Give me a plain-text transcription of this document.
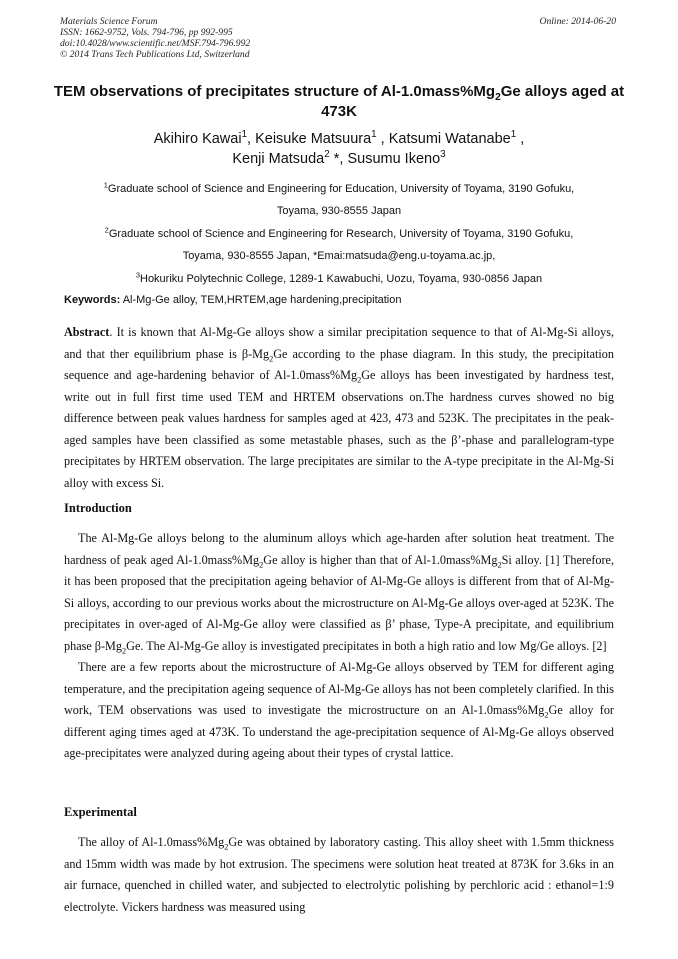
Materials Science Forum
ISSN: 1662-9752, Vols. 794-796, pp 992-995
doi:10.4028/www.scientific.net/MSF.794-796.992
© 2014 Trans Tech Publications Ltd, Switzerland
Online: 2014-06-20
TEM observations of precipitates structure of $Al-1.0mass\%Mg_2Ge$ alloys aged at 473K
Akihiro Kawai$^1$, Keisuke Matsuura$^1$ , Katsumi Watanabe$^1$ ,
Kenji Matsuda$^2$ *, Susumu Ikeno$^3$
$^1$Graduate school of Science and Engineering for Education, University of Toyama, 3190 Gofuku,
Toyama, 930-8555 Japan
$^2$Graduate school of Science and Engineering for Research, University of Toyama, 3190 Gofuku,
Toyama, 930-8555 Japan, *Emai:matsuda@eng.u-toyama.ac.jp,
$^3$Hokuriku Polytechnic College, 1289-1 Kawabuchi, Uozu, Toyama, 930-0856 Japan
Keywords: Al-Mg-Ge alloy, TEM,HRTEM,age hardening,precipitation

Abstract. It is known that Al-Mg-Ge alloys show a similar precipitation sequence to that of Al-Mg-Si alloys, and that ther equilibrium phase is $\beta-Mg_2Ge$ according to the phase diagram. In this study, the precipitation sequence and age-hardening behavior of $Al-1.0mass\%Mg_2Ge$ alloys has been investigated by hardness test, write out in full first time used TEM and HRTEM observations on.The hardness curves showed no big difference between peak values hardness for samples aged at 423, 473 and 523K. The precipitates in the peak-aged samples have been classified as some metastable phases, such as the β’-phase and parallelogram-type precipitates by HRTEM observation. The large precipitates are similar to the A-type precipitate in the Al-Mg-Si alloy with excess Si.

Introduction

The Al-Mg-Ge alloys belong to the aluminum alloys which age-harden after solution heat treatment. The hardness of peak aged $Al-1.0mass\%Mg_2Ge$ alloy is higher than that of $Al-1.0mass\%Mg_2Si$ alloy. [1] Therefore, it has been proposed that the precipitation ageing behavior of Al-Mg-Ge alloys is different from that of Al-Mg-Si alloys, according to our previous works about the microstructure on Al-Mg-Ge alloys over-aged at 523K. The precipitates in over-aged of Al-Mg-Ge alloy were classified as β’ phase, Type-A precipitate, and equilibrium phase $\beta-Mg_2Ge$. The Al-Mg-Ge alloy is investigated precipitates in both a high ratio and low Mg/Ge alloys. [2]

There are a few reports about the microstructure of Al-Mg-Ge alloys observed by TEM for different aging temperature, and the precipitation ageing sequence of Al-Mg-Ge alloys has not been completely clarified. In this work, TEM observations was used to investigate the microstructure on an $Al-1.0mass\%Mg_2Ge$ alloy for different aging times aged at 473K. To understand the age-precipitation sequence of Al-Mg-Ge alloys observed age-precipitates were analyzed during ageing about their types of crystal lattice.

Experimental

The alloy of $Al-1.0mass\%Mg_2Ge$ was obtained by laboratory casting. This alloy sheet with 1.5mm thickness and 15mm width was made by hot extrusion. The specimens were solution heat treated at 873K for 3.6ks in an air furnace, quenched in chilled water, and subjected to electrolytic polishing by perchloric acid : ethanol=1:9 electrolyte. Vickers hardness was measured using
